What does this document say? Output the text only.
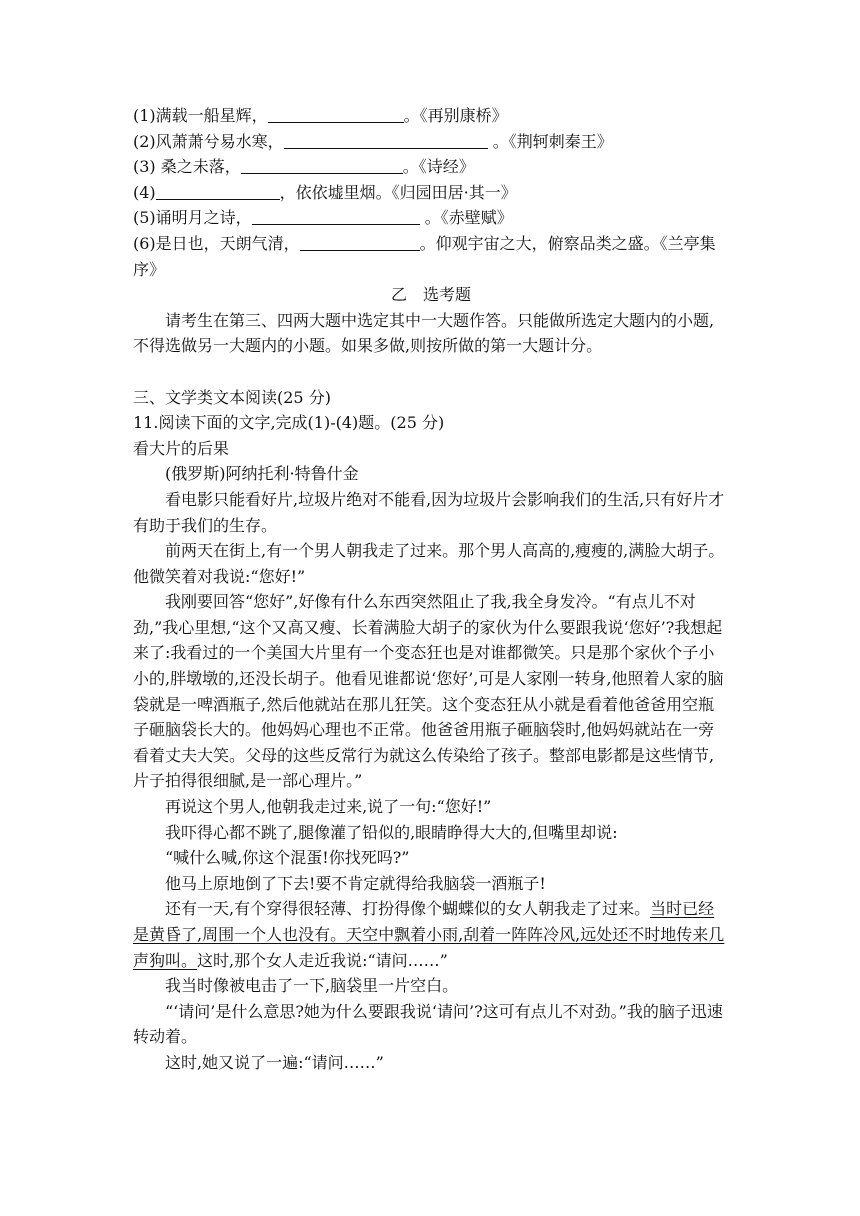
(1)满载一船星辉，	。《再别康桥》
(2)风萧萧兮易水寒，	。《荆轲刺秦王》
(3) 桑之未落，	。《诗经》
(4)	，依依墟里烟。《归园田居·其一》
(5)诵明月之诗，	。《赤壁赋》
(6)是日也，天朗气清，	。仰观宇宙之大，俯察品类之盛。《兰亭集序》
乙　选考题
请考生在第三、四两大题中选定其中一大题作答。只能做所选定大题内的小题,不得选做另一大题内的小题。如果多做,则按所做的第一大题计分。
三、文学类文本阅读(25 分)
11.阅读下面的文字,完成(1)-(4)题。(25 分)
看大片的后果
(俄罗斯)阿纳托利·特鲁什金
看电影只能看好片,垃圾片绝对不能看,因为垃圾片会影响我们的生活,只有好片才有助于我们的生存。
前两天在街上,有一个男人朝我走了过来。那个男人高高的,瘦瘦的,满脸大胡子。他微笑着对我说:“您好!”
我刚要回答“您好”,好像有什么东西突然阻止了我,我全身发冷。“有点儿不对劲,”我心里想,“这个又高又瘦、长着满脸大胡子的家伙为什么要跟我说‘您好’?我想起来了:我看过的一个美国大片里有一个变态狂也是对谁都微笑。只是那个家伙个子小小的,胖墩墩的,还没长胡子。他看见谁都说‘您好’,可是人家刚一转身,他照着人家的脑袋就是一啤酒瓶子,然后他就站在那儿狂笑。这个变态狂从小就是看着他爸爸用空瓶子砸脑袋长大的。他妈妈心理也不正常。他爸爸用瓶子砸脑袋时,他妈妈就站在一旁看着丈夫大笑。父母的这些反常行为就这么传染给了孩子。整部电影都是这些情节,片子拍得很细腻,是一部心理片。”
再说这个男人,他朝我走过来,说了一句:“您好!”
我吓得心都不跳了,腿像灌了铅似的,眼睛睁得大大的,但嘴里却说:
“喊什么喊,你这个混蛋!你找死吗?”
他马上原地倒了下去!要不肯定就得给我脑袋一酒瓶子!
还有一天,有个穿得很轻薄、打扮得像个蝴蝶似的女人朝我走了过来。当时已经是黄昏了,周围一个人也没有。天空中飘着小雨,刮着一阵阵冷风,远处还不时地传来几声狗叫。这时,那个女人走近我说:“请问……”
我当时像被电击了一下,脑袋里一片空白。
“‘请问’是什么意思?她为什么要跟我说‘请问’?这可有点儿不对劲。”我的脑子迅速转动着。
这时,她又说了一遍:“请问……”
